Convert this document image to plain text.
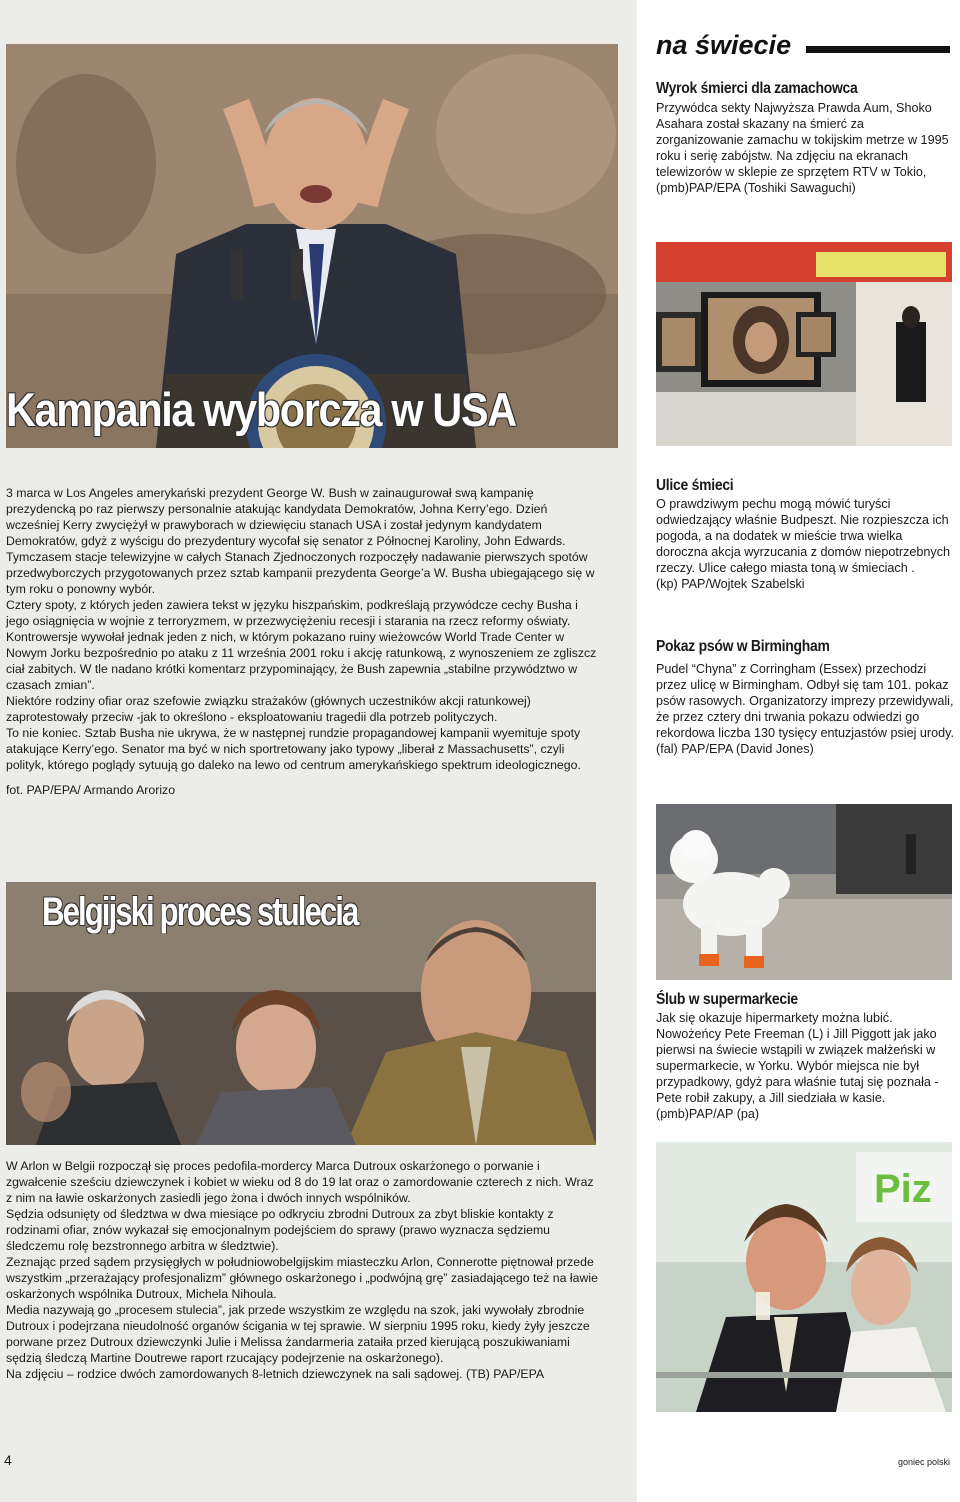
Kampania wyborcza w USA

3 marca w Los Angeles amerykański prezydent George W. Bush w zainaugurował swą kampanię prezydencką po raz pierwszy personalnie atakując kandydata Demokratów, Johna Kerry’ego. Dzień wcześniej Kerry zwyciężył w prawyborach w dziewięciu stanach USA i został jedynym kandydatem Demokratów, gdyż z wyścigu do prezydentury wycofał się senator z Północnej Karoliny, John Edwards.

Tymczasem stacje telewizyjne w całych Stanach Zjednoczonych rozpoczęły nadawanie pierwszych spotów przedwyborczych przygotowanych przez sztab kampanii prezydenta George’a W. Busha ubiegającego się w tym roku o ponowny wybór.

Cztery spoty, z których jeden zawiera tekst w języku hiszpańskim, podkreślają przywódcze cechy Busha i jego osiągnięcia w wojnie z terroryzmem, w przezwyciężeniu recesji i starania na rzecz reformy oświaty.

Kontrowersje wywołał jednak jeden z nich, w którym pokazano ruiny wieżowców World Trade Center w Nowym Jorku bezpośrednio po ataku z 11 września 2001 roku i akcję ratunkową, z wynoszeniem ze zgliszcz ciał zabitych. W tle nadano krótki komentarz przypominający, że Bush zapewnia „stabilne przywództwo w czasach zmian”.

Niektóre rodziny ofiar oraz szefowie związku strażaków (głównych uczestników akcji ratunkowej) zaprotestowały przeciw -jak to określono - eksploatowaniu tragedii dla potrzeb polityczych.

To nie koniec. Sztab Busha nie ukrywa, że w następnej rundzie propagandowej kampanii wyemituje spoty atakujące Kerry’ego. Senator ma być w nich sportretowany jako typowy „liberał z Massachusetts”, czyli polityk, którego poglądy sytuują go daleko na lewo od centrum amerykańskiego spektrum ideologicznego.

fot. PAP/EPA/ Armando Arorizo

Belgijski proces stulecia

W Arlon w Belgii rozpoczął się proces pedofila-mordercy Marca Dutroux oskarżonego o porwanie i zgwałcenie sześciu dziewczynek i kobiet w wieku od 8 do 19 lat oraz o zamordowanie czterech z nich. Wraz z nim na ławie oskarżonych zasiedli jego żona i dwóch innych wspólników.

Sędzia odsunięty od śledztwa w dwa miesiące po odkryciu zbrodni Dutroux za zbyt bliskie kontakty z rodzinami ofiar, znów wykazał się emocjonalnym podejściem do sprawy (prawo wyznacza sędziemu śledczemu rolę bezstronnego arbitra w śledztwie).

Zeznając przed sądem przysięgłych w południowobelgijskim miasteczku Arlon, Connerotte piętnował przede wszystkim „przerażający profesjonalizm” głównego oskarżonego i „podwójną grę” zasiadającego też na ławie oskarżonych wspólnika Dutroux, Michela Nihoula.

Media nazywają go „procesem stulecia”, jak przede wszystkim ze względu na szok, jaki wywołały zbrodnie Dutroux i podejrzana nieudolność organów ścigania w tej sprawie. W sierpniu 1995 roku, kiedy żyły jeszcze porwane przez Dutroux dziewczynki Julie i Melissa żandarmeria zataiła przed kierującą poszukiwaniami sędzią śledczą Martine Doutrewe raport rzucający podejrzenie na oskarżonego).

Na zdjęciu – rodzice dwóch zamordowanych 8-letnich dziewczynek na sali sądowej. (TB) PAP/EPA

na świecie
Wyrok śmierci dla zamachowca

Przywódca sekty Najwyższa Prawda Aum, Shoko Asahara został skazany na śmierć za zorganizowanie zamachu w tokijskim metrze w 1995 roku i serię zabójstw. Na zdjęciu na ekranach telewizorów w sklepie ze sprzętem RTV w Tokio, (pmb)PAP/EPA (Toshiki Sawaguchi)

Ulice śmieci

O prawdziwym pechu mogą mówić turyści odwiedzający właśnie Budpeszt. Nie rozpieszcza ich pogoda, a na dodatek w mieście trwa wielka doroczna akcja wyrzucania z domów niepotrzebnych rzeczy. Ulice całego miasta toną w śmieciach .

(kp) PAP/Wojtek Szabelski

Pokaz psów w Birmingham

Pudel “Chyna” z Corringham (Essex) przechodzi przez ulicę w Birmingham. Odbył się tam 101. pokaz psów rasowych. Organizatorzy imprezy przewidywali, że przez cztery dni trwania pokazu odwiedzi go rekordowa liczba 130 tysięcy entuzjastów psiej urody. (fal) PAP/EPA (David Jones)

Ślub w supermarkecie

Jak się okazuje hipermarkety można lubić. Nowożeńcy Pete Freeman (L) i Jill Piggott jak jako pierwsi na świecie wstąpili w związek małżeński w supermarkecie, w Yorku. Wybór miejsca nie był przypadkowy, gdyż para właśnie tutaj się poznała - Pete robił zakupy, a Jill siedziała w kasie. (pmb)PAP/AP (pa)

Piz
4	goniec polski
